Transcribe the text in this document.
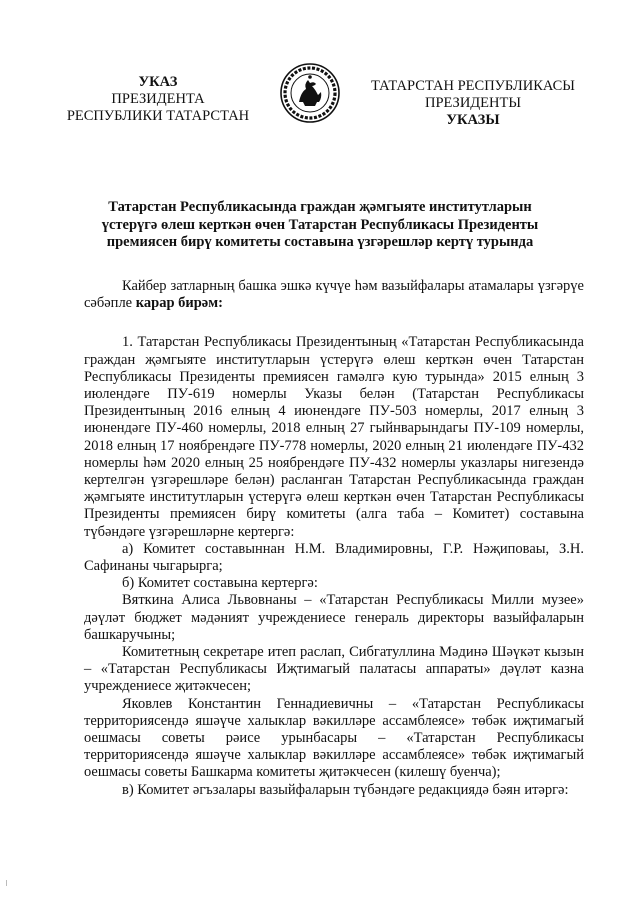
УКАЗ
ПРЕЗИДЕНТА
РЕСПУБЛИКИ ТАТАРСТАН
ТАТАРСТАН РЕСПУБЛИКАСЫ
ПРЕЗИДЕНТЫ
УКАЗЫ
Татарстан Республикасында граждан җәмгыяте институтларын
үстерүгә өлеш керткән өчен Татарстан Республикасы Президенты
премиясен бирү комитеты составына үзгәрешләр кертү турында

Кайбер затларның башка эшкә күчүе һәм вазыйфалары атамалары үзгәрүе сәбәпле карар бирәм:

1. Татарстан Республикасы Президентының «Татарстан Республикасында граждан җәмгыяте институтларын үстерүгә өлеш керткән өчен Татарстан Республикасы Президенты премиясен гамәлгә кую турында» 2015 елның 3 июлендәге ПУ-619 номерлы Указы белән (Татарстан Республикасы Президентының 2016 елның 4 июнендәге ПУ-503 номерлы, 2017 елның 3 июнендәге ПУ-460 номерлы, 2018 елның 27 гыйнварындагы ПУ-109 номерлы, 2018 елның 17 ноябрендәге ПУ-778 номерлы, 2020 елның 21 июлендәге ПУ-432 номерлы һәм 2020 елның 25 ноябрендәге ПУ-432 номерлы указлары нигезендә кертелгән үзгәрешләре белән) расланган Татарстан Республикасында граждан җәмгыяте институтларын үстерүгә өлеш керткән өчен Татарстан Республикасы Президенты премиясен бирү комитеты (алга таба – Комитет) составына түбәндәге үзгәрешләрне кертергә:

а) Комитет составыннан Н.М. Владимировны, Г.Р. Нәҗиповаы, З.Н. Сафинаны чыгарырга;

б) Комитет составына кертергә:

Вяткина Алиса Львовнаны – «Татарстан Республикасы Милли музее» дәүләт бюджет мәдәният учреждениесе генераль директоры вазыйфаларын башкаручыны;

Комитетның секретаре итеп раслап, Сибгатуллина Мәдинә Шәүкәт кызын – «Татарстан Республикасы Иҗтимагый палатасы аппараты» дәүләт казна учреждениесе җитәкчесен;

Яковлев Константин Геннадиевичны – «Татарстан Республикасы территориясендә яшәүче халыклар вәкилләре ассамблеясе» төбәк иҗтимагый оешмасы советы рәисе урынбасары – «Татарстан Республикасы территориясендә яшәүче халыклар вәкилләре ассамблеясе» төбәк иҗтимагый оешмасы советы Башкарма комитеты җитәкчесен (килешү буенча);

в) Комитет әгъзалары вазыйфаларын түбәндәге редакциядә бәян итәргә:
